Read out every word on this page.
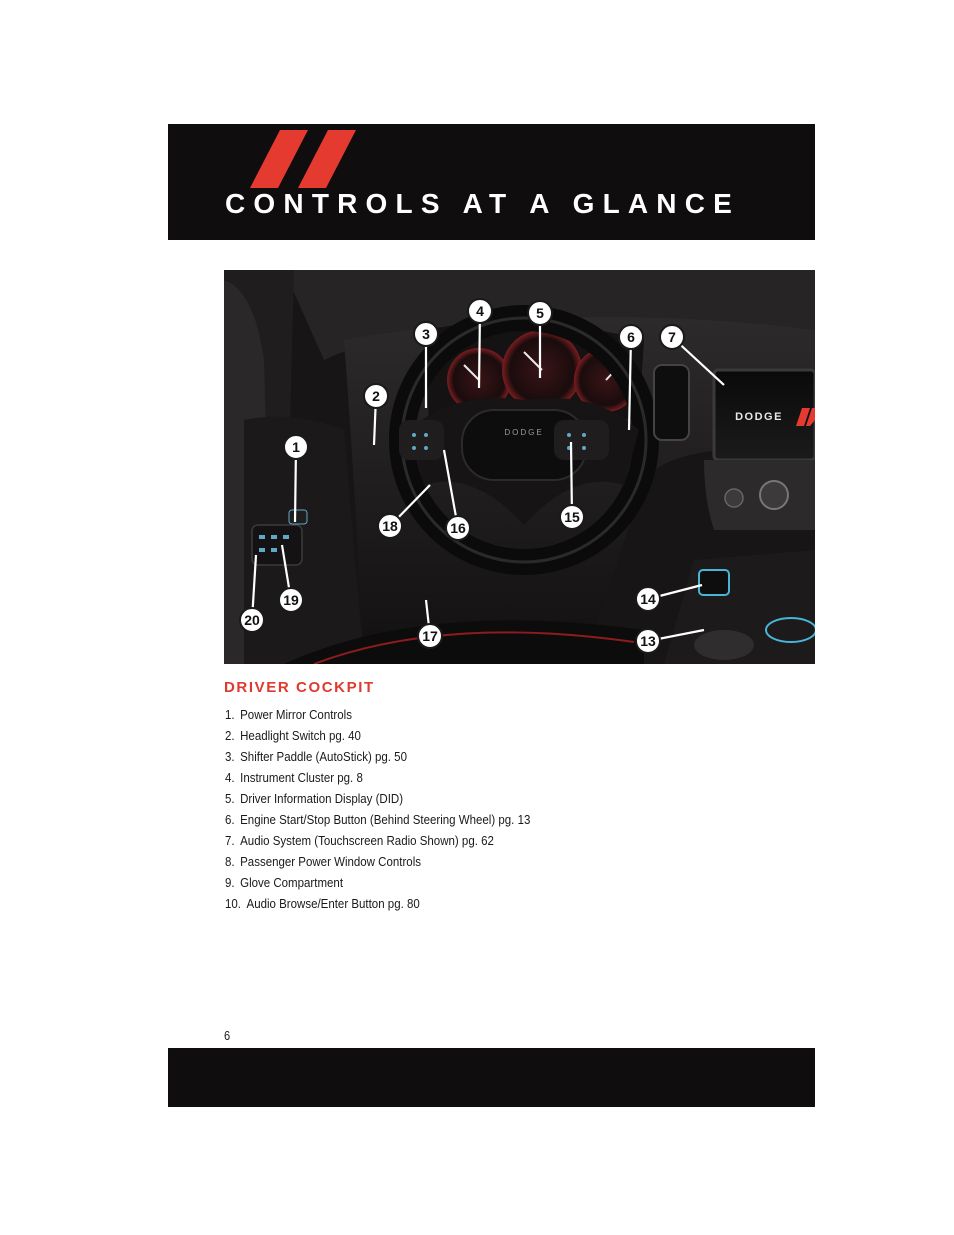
CONTROLS AT A GLANCE
DODGE
DODGE
1
2
3
4	5
6 7
13
14
15
16
17
18
19
20
DRIVER COCKPIT
1. Power Mirror Controls
2. Headlight Switch pg. 40
3. Shifter Paddle (AutoStick) pg. 50
4. Instrument Cluster pg. 8
5. Driver Information Display (DID)
6. Engine Start/Stop Button (Behind Steering Wheel) pg. 13
7. Audio System (Touchscreen Radio Shown) pg. 62
8. Passenger Power Window Controls
9. Glove Compartment
10. Audio Browse/Enter Button pg. 80
6
